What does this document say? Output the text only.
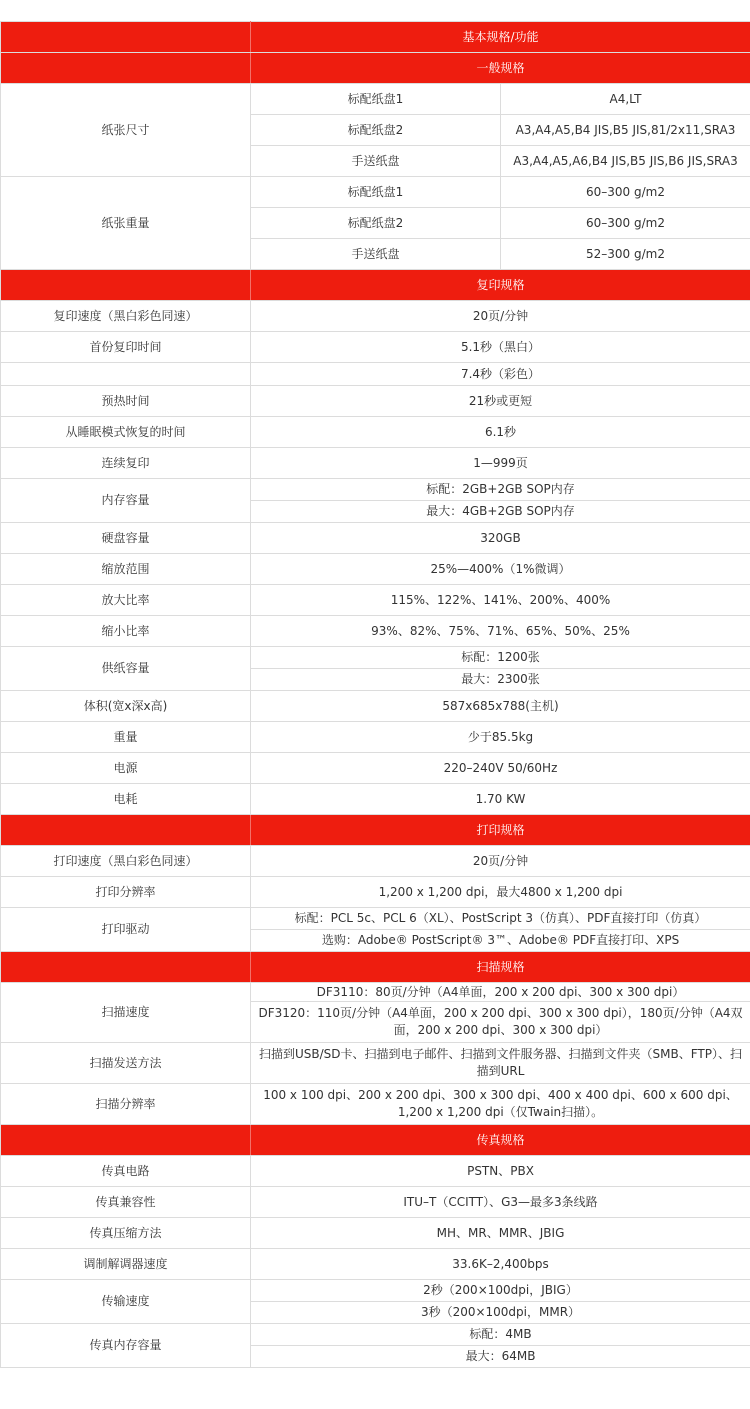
	基本规格/功能	
	一般规格	
纸张尺寸	标配纸盘1	A4,LT
	标配纸盘2	A3,A4,A5,B4 JIS,B5 JIS,81/2x11,SRA3
	手送纸盘	A3,A4,A5,A6,B4 JIS,B5 JIS,B6 JIS,SRA3
纸张重量	标配纸盘1	60–300 g/m2
	标配纸盘2	60–300 g/m2
	手送纸盘	52–300 g/m2
	复印规格	
复印速度（黑白彩色同速）	20页/分钟	
首份复印时间	5.1秒（黑白）	
	7.4秒（彩色）	
预热时间	21秒或更短	
从睡眠模式恢复的时间	6.1秒	
连续复印	1—999页	
内存容量	标配：2GB+2GB SOP内存	
	最大：4GB+2GB SOP内存	
硬盘容量	320GB	
缩放范围	25%—400%（1%微调）	
放大比率	115%、122%、141%、200%、400%	
缩小比率	93%、82%、75%、71%、65%、50%、25%	
供纸容量	标配：1200张	
	最大：2300张	
体积(宽x深x高)	587x685x788(主机)	
重量	少于85.5kg	
电源	220–240V 50/60Hz	
电耗	1.70 KW	
	打印规格	
打印速度（黑白彩色同速）	20页/分钟	
打印分辨率	1,200 x 1,200 dpi，最大4800 x 1,200 dpi	
打印驱动	标配：PCL 5c、PCL 6（XL）、PostScript 3（仿真）、PDF直接打印（仿真）	
	选购：Adobe® PostScript® 3™、Adobe® PDF直接打印、XPS	
	扫描规格	
扫描速度	DF3110：80页/分钟（A4单面，200 x 200 dpi、300 x 300 dpi）	
	DF3120：110页/分钟（A4单面，200 x 200 dpi、300 x 300 dpi），180页/分钟（A4双面，200 x 200 dpi、300 x 300 dpi）	
扫描发送方法	扫描到USB/SD卡、扫描到电子邮件、扫描到文件服务器、扫描到文件夹（SMB、FTP）、扫描到URL	
扫描分辨率	100 x 100 dpi、200 x 200 dpi、300 x 300 dpi、400 x 400 dpi、600 x 600 dpi、1,200 x 1,200 dpi（仅Twain扫描）。	
	传真规格	
传真电路	PSTN、PBX	
传真兼容性	ITU–T（CCITT）、G3—最多3条线路	
传真压缩方法	MH、MR、MMR、JBIG	
调制解调器速度	33.6K–2,400bps	
传输速度	2秒（200×100dpi，JBIG）	
	3秒（200×100dpi，MMR）	
传真内存容量	标配：4MB	
	最大：64MB	
